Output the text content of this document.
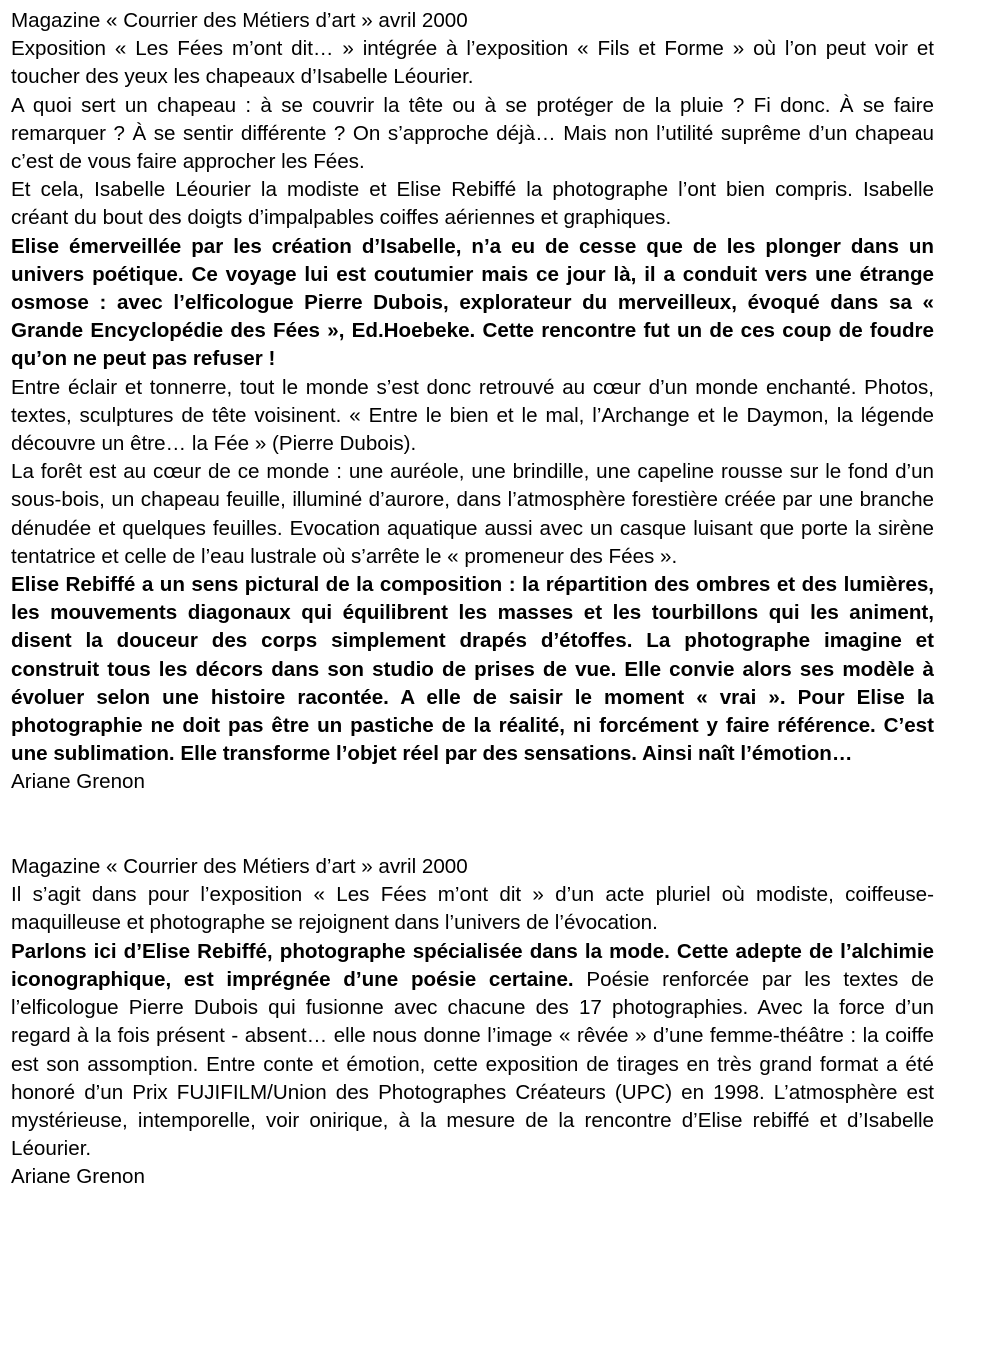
Magazine « Courrier des Métiers d’art » avril 2000

Exposition « Les Fées m’ont dit… » intégrée à l’exposition « Fils et Forme » où l’on peut voir et toucher des yeux les chapeaux d’Isabelle Léourier.

A quoi sert un chapeau : à se couvrir la tête ou à se protéger de la pluie ? Fi donc. À se faire remarquer ? À se sentir différente ? On s’approche déjà… Mais non l’utilité suprême d’un chapeau c’est de vous faire approcher les Fées.

Et cela, Isabelle Léourier la modiste et Elise Rebiffé la photographe l’ont bien compris. Isabelle créant du bout des doigts d’impalpables coiffes aériennes et graphiques.

Elise émerveillée par les création d’Isabelle, n’a eu de cesse que de les plonger dans un univers poétique. Ce voyage lui est coutumier mais ce jour là, il a conduit vers une étrange osmose : avec l’elficologue Pierre Dubois, explorateur du merveilleux, évoqué dans sa « Grande Encyclopédie des Fées », Ed.Hoebeke. Cette rencontre fut un de ces coup de foudre qu’on ne peut pas refuser !

Entre éclair et tonnerre, tout le monde s’est donc retrouvé au cœur d’un monde enchanté. Photos, textes, sculptures de tête voisinent. « Entre le bien et le mal, l’Archange et le Daymon, la légende découvre un être… la Fée » (Pierre Dubois).

La forêt est au cœur de ce monde : une auréole, une brindille, une capeline rousse sur le fond d’un sous-bois, un chapeau feuille, illuminé d’aurore, dans l’atmosphère forestière créée par une branche dénudée et quelques feuilles. Evocation aquatique aussi avec un casque luisant que porte la sirène tentatrice et celle de l’eau lustrale où s’arrête le « promeneur des Fées ».

Elise Rebiffé a un sens pictural de la composition : la répartition des ombres et des lumières, les mouvements diagonaux qui équilibrent les masses et les tourbillons qui les animent, disent la douceur des corps simplement drapés d’étoffes. La photographe imagine et construit tous les décors dans son studio de prises de vue. Elle convie alors ses modèle à évoluer selon une histoire racontée. A elle de saisir le moment « vrai ». Pour Elise la photographie ne doit pas être un pastiche de la réalité, ni forcément y faire référence. C’est une sublimation. Elle transforme l’objet réel par des sensations. Ainsi naît l’émotion…

Ariane Grenon

Magazine « Courrier des Métiers d’art » avril 2000

Il s’agit dans pour l’exposition « Les Fées m’ont dit » d’un acte pluriel où modiste, coiffeuse-maquilleuse et photographe se rejoignent dans l’univers de l’évocation.

Parlons ici d’Elise Rebiffé, photographe spécialisée dans la mode. Cette adepte de l’alchimie iconographique, est imprégnée d’une poésie certaine. Poésie renforcée par les textes de l’elficologue Pierre Dubois qui fusionne avec chacune des 17 photographies. Avec la force d’un regard à la fois présent - absent… elle nous donne l’image « rêvée » d’une femme-théâtre : la coiffe est son assomption. Entre conte et émotion, cette exposition de tirages en très grand format a été honoré d’un Prix FUJIFILM/Union des Photographes Créateurs (UPC) en 1998. L’atmosphère est mystérieuse, intemporelle, voir onirique, à la mesure de la rencontre d’Elise rebiffé et d’Isabelle Léourier.

Ariane Grenon
